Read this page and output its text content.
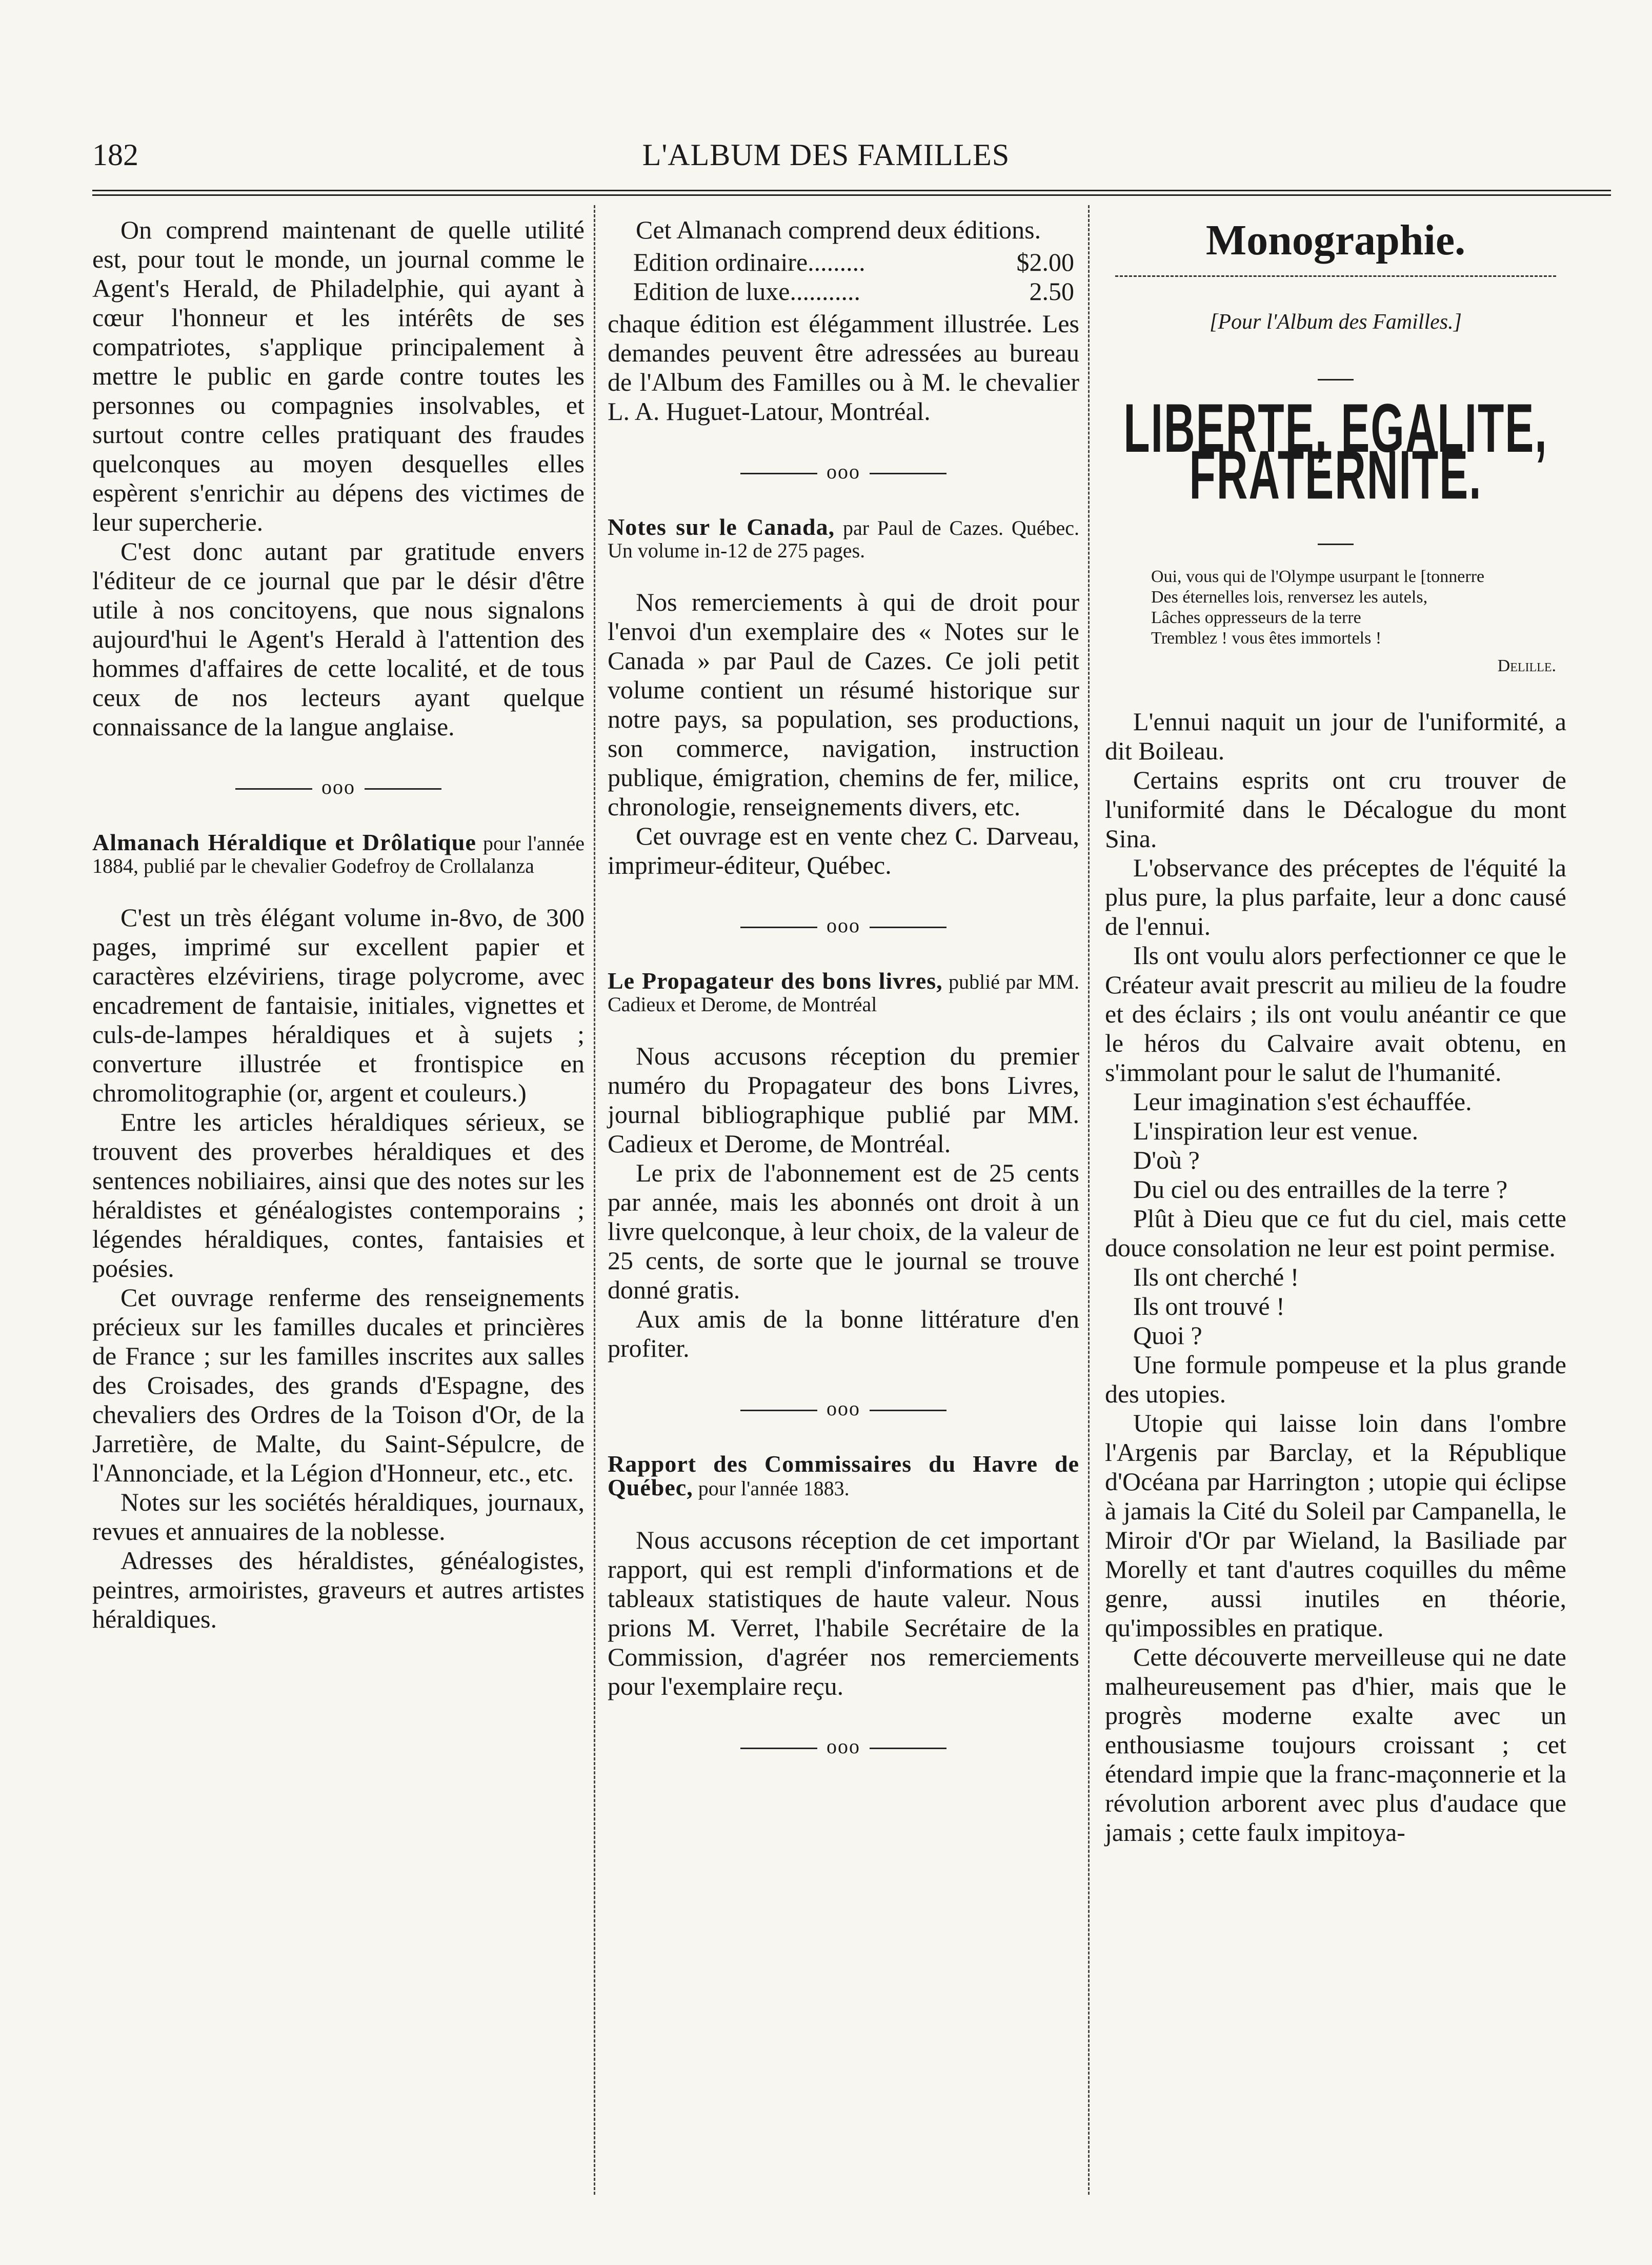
182	L'ALBUM DES FAMILLES

On comprend maintenant de quelle utilité est, pour tout le monde, un journal comme le Agent's Herald, de Philadelphie, qui ayant à cœur l'honneur et les intérêts de ses compatriotes, s'applique principalement à mettre le public en garde contre toutes les personnes ou compagnies insolvables, et surtout contre celles pratiquant des fraudes quelconques au moyen desquelles elles espèrent s'enrichir au dépens des victimes de leur supercherie.

C'est donc autant par gratitude envers l'éditeur de ce journal que par le désir d'être utile à nos concitoyens, que nous signalons aujourd'hui le Agent's Herald à l'attention des hommes d'affaires de cette localité, et de tous ceux de nos lecteurs ayant quelque connaissance de la langue anglaise.

ooo
Almanach Héraldique et Drôlatique pour l'année 1884, publié par le chevalier Godefroy de Crollalanza

C'est un très élégant volume in-8vo, de 300 pages, imprimé sur excellent papier et caractères elzéviriens, tirage polycrome, avec encadrement de fantaisie, initiales, vignettes et culs-de-lampes héraldiques et à sujets ; converture illustrée et frontispice en chromolitographie (or, argent et couleurs.)

Entre les articles héraldiques sérieux, se trouvent des proverbes héraldiques et des sentences nobiliaires, ainsi que des notes sur les héraldistes et généalogistes contemporains ; légendes héraldiques, contes, fantaisies et poésies.

Cet ouvrage renferme des renseignements précieux sur les familles ducales et princières de France ; sur les familles inscrites aux salles des Croisades, des grands d'Espagne, des chevaliers des Ordres de la Toison d'Or, de la Jarretière, de Malte, du Saint-Sépulcre, de l'Annonciade, et la Légion d'Honneur, etc., etc.

Notes sur les sociétés héraldiques, journaux, revues et annuaires de la noblesse.

Adresses des héraldistes, généalogistes, peintres, armoiristes, graveurs et autres artistes héraldiques.

Cet Almanach comprend deux éditions.

Edition ordinaire.........	$2.00
Edition de luxe...........	2.50

chaque édition est élégamment illustrée. Les demandes peuvent être adressées au bureau de l'Album des Familles ou à M. le chevalier L. A. Huguet-Latour, Montréal.

ooo
Notes sur le Canada, par Paul de Cazes. Québec. Un volume in-12 de 275 pages.

Nos remerciements à qui de droit pour l'envoi d'un exemplaire des « Notes sur le Canada » par Paul de Cazes. Ce joli petit volume contient un résumé historique sur notre pays, sa population, ses productions, son commerce, navigation, instruction publique, émigration, chemins de fer, milice, chronologie, renseignements divers, etc.

Cet ouvrage est en vente chez C. Darveau, imprimeur-éditeur, Québec.

ooo
Le Propagateur des bons livres, publié par MM. Cadieux et Derome, de Montréal

Nous accusons réception du premier numéro du Propagateur des bons Livres, journal bibliographique publié par MM. Cadieux et Derome, de Montréal.

Le prix de l'abonnement est de 25 cents par année, mais les abonnés ont droit à un livre quelconque, à leur choix, de la valeur de 25 cents, de sorte que le journal se trouve donné gratis.

Aux amis de la bonne littérature d'en profiter.

ooo
Rapport des Commissaires du Havre de Québec, pour l'année 1883.

Nous accusons réception de cet important rapport, qui est rempli d'informations et de tableaux statistiques de haute valeur. Nous prions M. Verret, l'habile Secrétaire de la Commission, d'agréer nos remerciements pour l'exemplaire reçu.

ooo
Monographie.
[Pour l'Album des Familles.]
LIBERTE, EGALITE, FRATERNITE.
Oui, vous qui de l'Olympe usurpant le [tonnerre
Des éternelles lois, renversez les autels,
Lâches oppresseurs de la terre
Tremblez ! vous êtes immortels !
Delille.

L'ennui naquit un jour de l'uniformité, a dit Boileau.

Certains esprits ont cru trouver de l'uniformité dans le Décalogue du mont Sina.

L'observance des préceptes de l'équité la plus pure, la plus parfaite, leur a donc causé de l'ennui.

Ils ont voulu alors perfectionner ce que le Créateur avait prescrit au milieu de la foudre et des éclairs ; ils ont voulu anéantir ce que le héros du Calvaire avait obtenu, en s'immolant pour le salut de l'humanité.

Leur imagination s'est échauffée.

L'inspiration leur est venue.

D'où ?

Du ciel ou des entrailles de la terre ?

Plût à Dieu que ce fut du ciel, mais cette douce consolation ne leur est point permise.

Ils ont cherché !

Ils ont trouvé !

Quoi ?

Une formule pompeuse et la plus grande des utopies.

Utopie qui laisse loin dans l'ombre l'Argenis par Barclay, et la République d'Océana par Harrington ; utopie qui éclipse à jamais la Cité du Soleil par Campanella, le Miroir d'Or par Wieland, la Basiliade par Morelly et tant d'autres coquilles du même genre, aussi inutiles en théorie, qu'impossibles en pratique.

Cette découverte merveilleuse qui ne date malheureusement pas d'hier, mais que le progrès moderne exalte avec un enthousiasme toujours croissant ; cet étendard impie que la franc-maçonnerie et la révolution arborent avec plus d'audace que jamais ; cette faulx impitoya-
